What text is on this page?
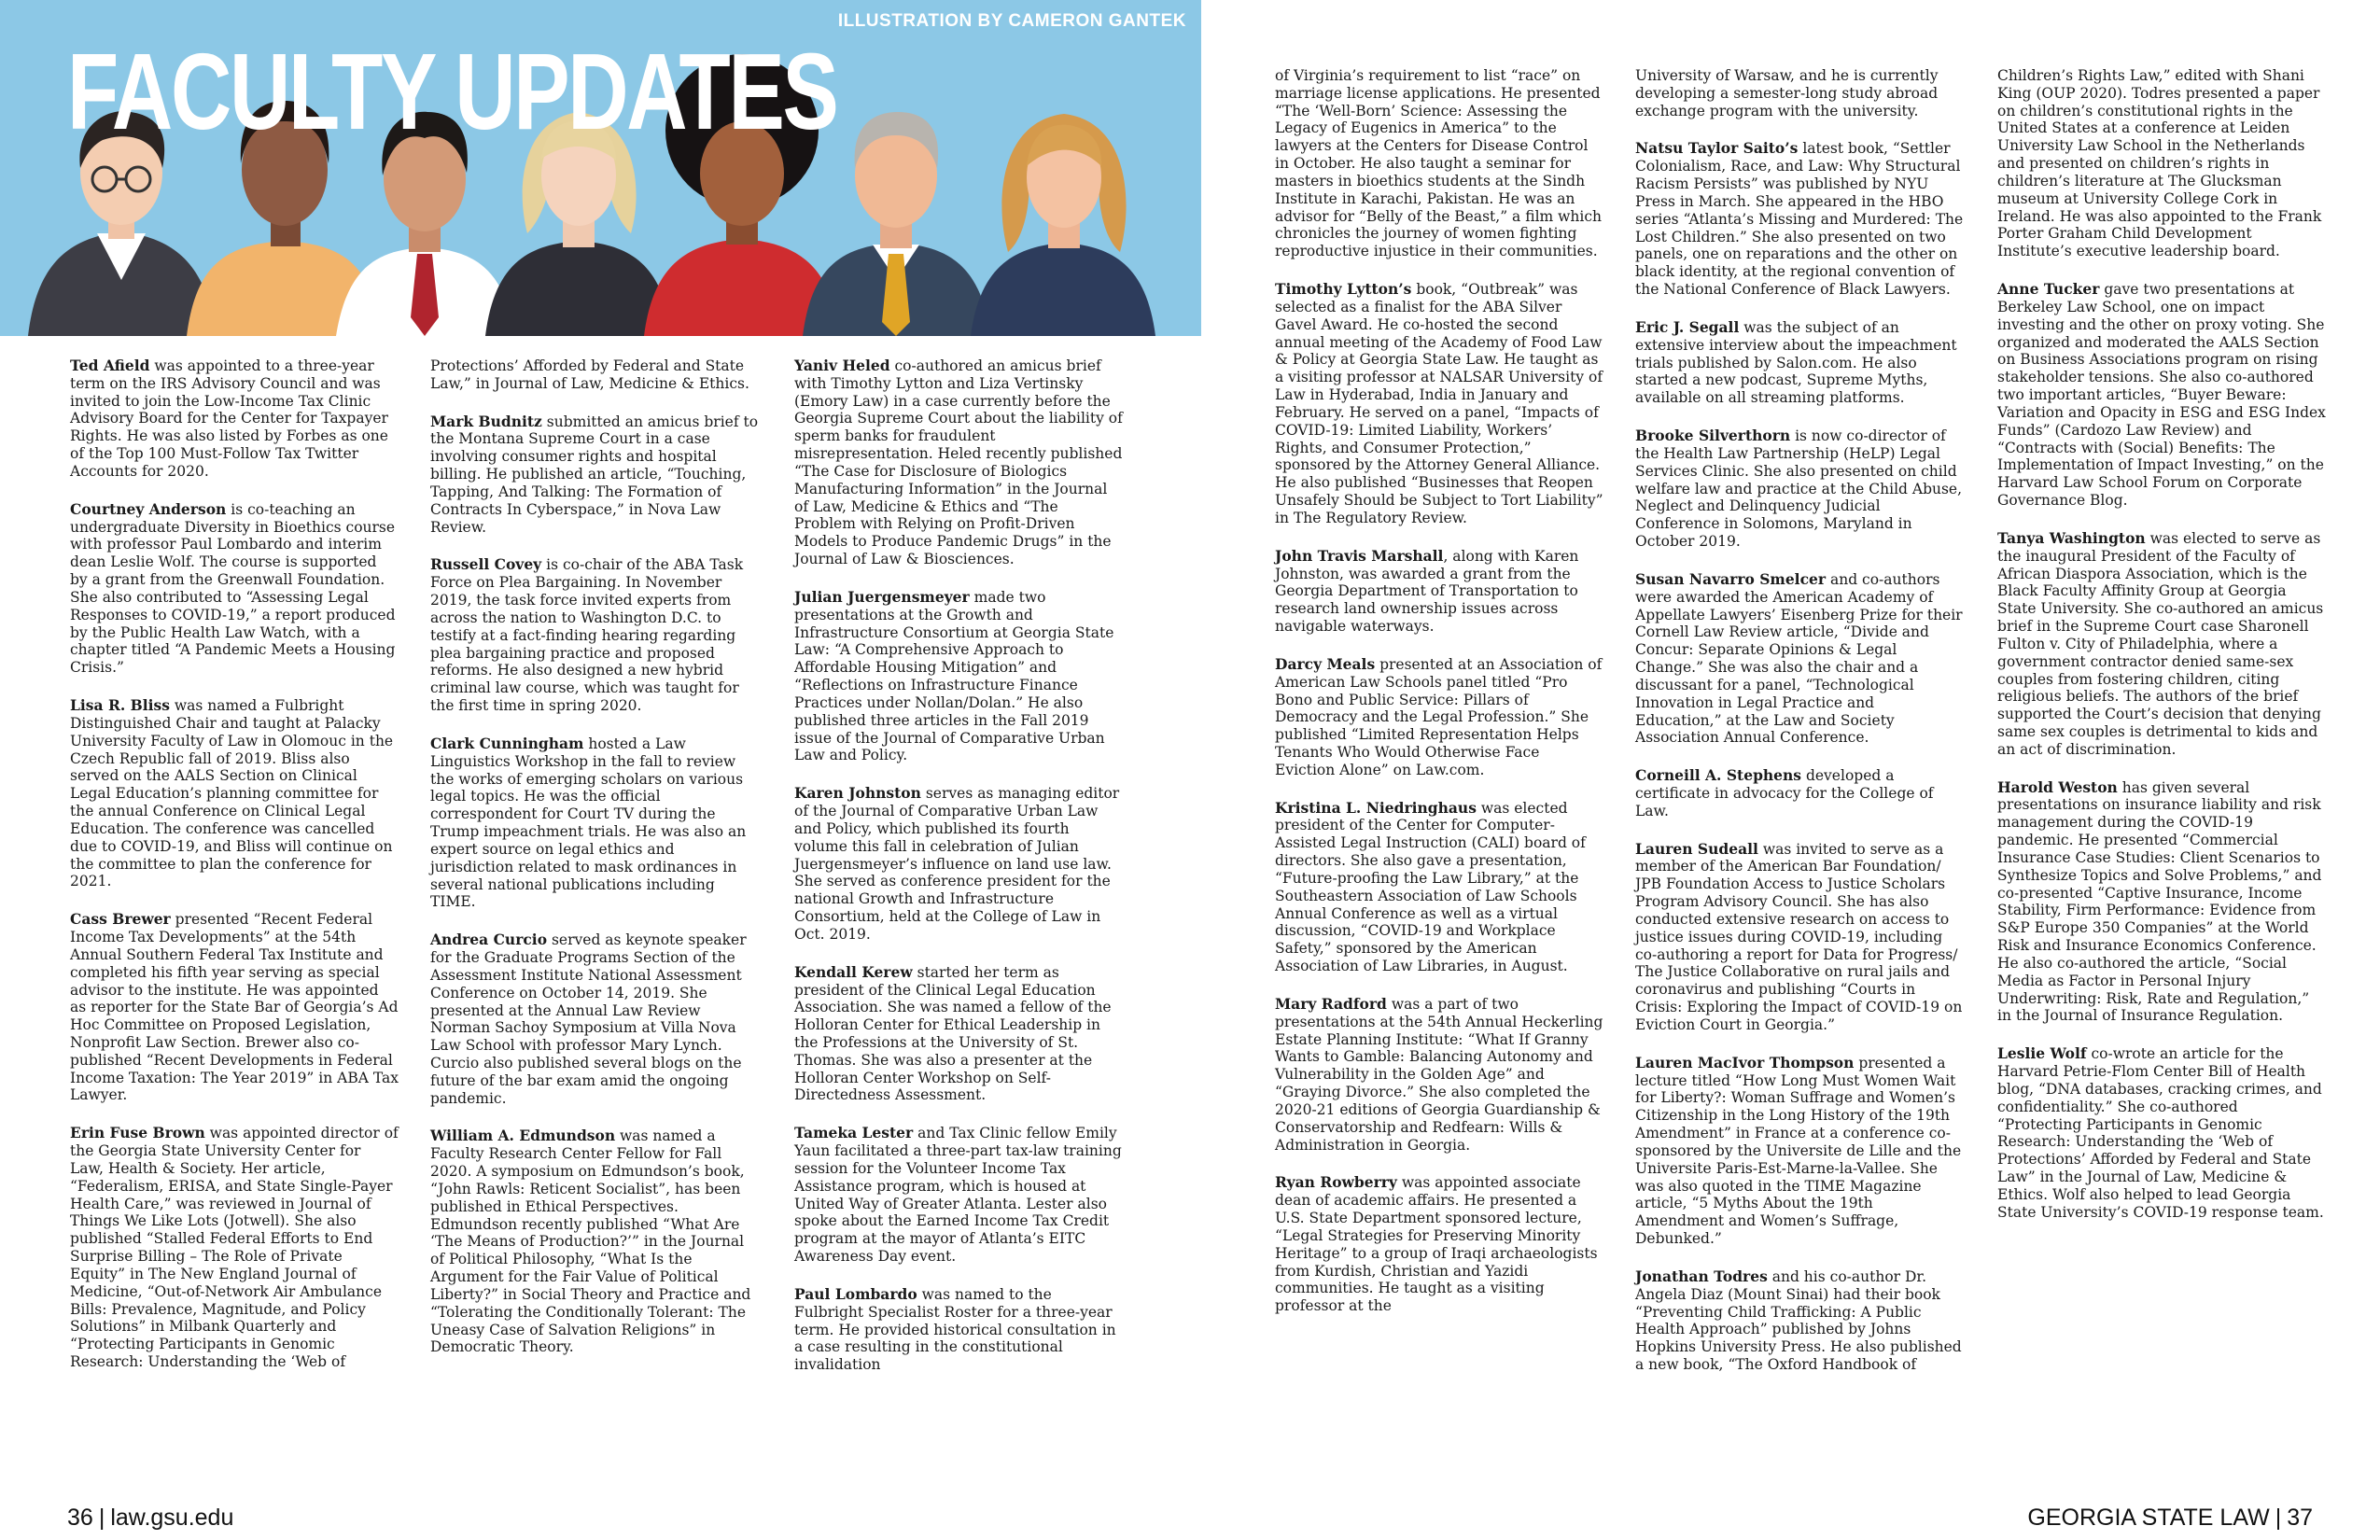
ILLUSTRATION BY CAMERON GANTEK
FACULTY UPDATES

Ted Afield was appointed to a three-year term on the IRS Advisory Council and was invited to join the Low-Income Tax Clinic Advisory Board for the Center for Taxpayer Rights. He was also listed by Forbes as one of the Top 100 Must-Follow Tax Twitter Accounts for 2020.

Courtney Anderson is co-teaching an undergraduate Diversity in Bioethics course with professor Paul Lombardo and interim dean Leslie Wolf. The course is supported by a grant from the Greenwall Foundation. She also contributed to “Assessing Legal Responses to COVID-19,” a report produced by the Public Health Law Watch, with a chapter titled “A Pandemic Meets a Housing Crisis.”

Lisa R. Bliss was named a Fulbright Distinguished Chair and taught at Palacky University Faculty of Law in Olomouc in the Czech Republic fall of 2019. Bliss also served on the AALS Section on Clinical Legal Education’s planning committee for the annual Conference on Clinical Legal Education. The conference was cancelled due to COVID-19, and Bliss will continue on the committee to plan the conference for 2021.

Cass Brewer presented “Recent Federal Income Tax Developments” at the 54th Annual Southern Federal Tax Institute and completed his fifth year serving as special advisor to the institute. He was appointed as reporter for the State Bar of Georgia’s Ad Hoc Committee on Proposed Legislation, Nonprofit Law Section. Brewer also co-published “Recent Developments in Federal Income Taxation: The Year 2019” in ABA Tax Lawyer.

Erin Fuse Brown was appointed director of the Georgia State University Center for Law, Health & Society. Her article, “Federalism, ERISA, and State Single-Payer Health Care,” was reviewed in Journal of Things We Like Lots (Jotwell). She also published “Stalled Federal Efforts to End Surprise Billing – The Role of Private Equity” in The New England Journal of Medicine, “Out-of-Network Air Ambulance Bills: Prevalence, Magnitude, and Policy Solutions” in Milbank Quarterly and “Protecting Participants in Genomic Research: Understanding the ‘Web of

Protections’ Afforded by Federal and State Law,” in Journal of Law, Medicine & Ethics.

Mark Budnitz submitted an amicus brief to the Montana Supreme Court in a case involving consumer rights and hospital billing. He published an article, “Touching, Tapping, And Talking: The Formation of Contracts In Cyberspace,” in Nova Law Review.

Russell Covey is co-chair of the ABA Task Force on Plea Bargaining. In November 2019, the task force invited experts from across the nation to Washington D.C. to testify at a fact-finding hearing regarding plea bargaining practice and proposed reforms. He also designed a new hybrid criminal law course, which was taught for the first time in spring 2020.

Clark Cunningham hosted a Law Linguistics Workshop in the fall to review the works of emerging scholars on various legal topics. He was the official correspondent for Court TV during the Trump impeachment trials. He was also an expert source on legal ethics and jurisdiction related to mask ordinances in several national publications including TIME.

Andrea Curcio served as keynote speaker for the Graduate Programs Section of the Assessment Institute National Assessment Conference on October 14, 2019. She presented at the Annual Law Review Norman Sachoy Symposium at Villa Nova Law School with professor Mary Lynch. Curcio also published several blogs on the future of the bar exam amid the ongoing pandemic.

William A. Edmundson was named a Faculty Research Center Fellow for Fall 2020. A symposium on Edmundson’s book, “John Rawls: Reticent Socialist”, has been published in Ethical Perspectives. Edmundson recently published “What Are ‘The Means of Production?’” in the Journal of Political Philosophy, “What Is the Argument for the Fair Value of Political Liberty?” in Social Theory and Practice and “Tolerating the Conditionally Tolerant: The Uneasy Case of Salvation Religions” in Democratic Theory.

Yaniv Heled co-authored an amicus brief with Timothy Lytton and Liza Vertinsky (Emory Law) in a case currently before the Georgia Supreme Court about the liability of sperm banks for fraudulent misrepresentation. Heled recently published “The Case for Disclosure of Biologics Manufacturing Information” in the Journal of Law, Medicine & Ethics and “The Problem with Relying on Profit-Driven Models to Produce Pandemic Drugs” in the Journal of Law & Biosciences.

Julian Juergensmeyer made two presentations at the Growth and Infrastructure Consortium at Georgia State Law: “A Comprehensive Approach to Affordable Housing Mitigation” and “Reflections on Infrastructure Finance Practices under Nollan/Dolan.” He also published three articles in the Fall 2019 issue of the Journal of Comparative Urban Law and Policy.

Karen Johnston serves as managing editor of the Journal of Comparative Urban Law and Policy, which published its fourth volume this fall in celebration of Julian Juergensmeyer’s influence on land use law. She served as conference president for the national Growth and Infrastructure Consortium, held at the College of Law in Oct. 2019.

Kendall Kerew started her term as president of the Clinical Legal Education Association. She was named a fellow of the Holloran Center for Ethical Leadership in the Professions at the University of St. Thomas. She was also a presenter at the Holloran Center Workshop on Self-Directedness Assessment.

Tameka Lester and Tax Clinic fellow Emily Yaun facilitated a three-part tax-law training session for the Volunteer Income Tax Assistance program, which is housed at United Way of Greater Atlanta. Lester also spoke about the Earned Income Tax Credit program at the mayor of Atlanta’s EITC Awareness Day event.

Paul Lombardo was named to the Fulbright Specialist Roster for a three-year term. He provided historical consultation in a case resulting in the constitutional invalidation

of Virginia’s requirement to list “race” on marriage license applications. He presented “The ‘Well-Born’ Science: Assessing the Legacy of Eugenics in America” to the lawyers at the Centers for Disease Control in October. He also taught a seminar for masters in bioethics students at the Sindh Institute in Karachi, Pakistan. He was an advisor for “Belly of the Beast,” a film which chronicles the journey of women fighting reproductive injustice in their communities.

Timothy Lytton’s book, “Outbreak” was selected as a finalist for the ABA Silver Gavel Award. He co-hosted the second annual meeting of the Academy of Food Law & Policy at Georgia State Law. He taught as a visiting professor at NALSAR University of Law in Hyderabad, India in January and February. He served on a panel, “Impacts of COVID-19: Limited Liability, Workers’ Rights, and Consumer Protection,” sponsored by the Attorney General Alliance. He also published “Businesses that Reopen Unsafely Should be Subject to Tort Liability” in The Regulatory Review.

John Travis Marshall, along with Karen Johnston, was awarded a grant from the Georgia Department of Transportation to research land ownership issues across navigable waterways.

Darcy Meals presented at an Association of American Law Schools panel titled “Pro Bono and Public Service: Pillars of Democracy and the Legal Profession.” She published “Limited Representation Helps Tenants Who Would Otherwise Face Eviction Alone” on Law.com.

Kristina L. Niedringhaus was elected president of the Center for Computer-Assisted Legal Instruction (CALI) board of directors. She also gave a presentation, “Future-proofing the Law Library,” at the Southeastern Association of Law Schools Annual Conference as well as a virtual discussion, “COVID-19 and Workplace Safety,” sponsored by the American Association of Law Libraries, in August.

Mary Radford was a part of two presentations at the 54th Annual Heckerling Estate Planning Institute: “What If Granny Wants to Gamble: Balancing Autonomy and Vulnerability in the Golden Age” and “Graying Divorce.” She also completed the 2020-21 editions of Georgia Guardianship & Conservatorship and Redfearn: Wills & Administration in Georgia.

Ryan Rowberry was appointed associate dean of academic affairs. He presented a U.S. State Department sponsored lecture, “Legal Strategies for Preserving Minority Heritage” to a group of Iraqi archaeologists from Kurdish, Christian and Yazidi communities. He taught as a visiting professor at the

University of Warsaw, and he is currently developing a semester-long study abroad exchange program with the university.

Natsu Taylor Saito’s latest book, “Settler Colonialism, Race, and Law: Why Structural Racism Persists” was published by NYU Press in March. She appeared in the HBO series “Atlanta’s Missing and Murdered: The Lost Children.” She also presented on two panels, one on reparations and the other on black identity, at the regional convention of the National Conference of Black Lawyers.

Eric J. Segall was the subject of an extensive interview about the impeachment trials published by Salon.com. He also started a new podcast, Supreme Myths, available on all streaming platforms.

Brooke Silverthorn is now co-director of the Health Law Partnership (HeLP) Legal Services Clinic. She also presented on child welfare law and practice at the Child Abuse, Neglect and Delinquency Judicial Conference in Solomons, Maryland in October 2019.

Susan Navarro Smelcer and co-authors were awarded the American Academy of Appellate Lawyers’ Eisenberg Prize for their Cornell Law Review article, “Divide and Concur: Separate Opinions & Legal Change.” She was also the chair and a discussant for a panel, “Technological Innovation in Legal Practice and Education,” at the Law and Society Association Annual Conference.

Corneill A. Stephens developed a certificate in advocacy for the College of Law.

Lauren Sudeall was invited to serve as a member of the American Bar Foundation/ JPB Foundation Access to Justice Scholars Program Advisory Council. She has also conducted extensive research on access to justice issues during COVID-19, including co-authoring a report for Data for Progress/ The Justice Collaborative on rural jails and coronavirus and publishing “Courts in Crisis: Exploring the Impact of COVID-19 on Eviction Court in Georgia.”

Lauren MacIvor Thompson presented a lecture titled “How Long Must Women Wait for Liberty?: Woman Suffrage and Women’s Citizenship in the Long History of the 19th Amendment” in France at a conference co-sponsored by the Universite de Lille and the Universite Paris-Est-Marne-la-Vallee. She was also quoted in the TIME Magazine article, “5 Myths About the 19th Amendment and Women’s Suffrage, Debunked.”

Jonathan Todres and his co-author Dr. Angela Diaz (Mount Sinai) had their book “Preventing Child Trafficking: A Public Health Approach” published by Johns Hopkins University Press. He also published a new book, “The Oxford Handbook of

Children’s Rights Law,” edited with Shani King (OUP 2020). Todres presented a paper on children’s constitutional rights in the United States at a conference at Leiden University Law School in the Netherlands and presented on children’s rights in children’s literature at The Glucksman museum at University College Cork in Ireland. He was also appointed to the Frank Porter Graham Child Development Institute’s executive leadership board.

Anne Tucker gave two presentations at Berkeley Law School, one on impact investing and the other on proxy voting. She organized and moderated the AALS Section on Business Associations program on rising stakeholder tensions. She also co-authored two important articles, “Buyer Beware: Variation and Opacity in ESG and ESG Index Funds” (Cardozo Law Review) and “Contracts with (Social) Benefits: The Implementation of Impact Investing,” on the Harvard Law School Forum on Corporate Governance Blog.

Tanya Washington was elected to serve as the inaugural President of the Faculty of African Diaspora Association, which is the Black Faculty Affinity Group at Georgia State University. She co-authored an amicus brief in the Supreme Court case Sharonell Fulton v. City of Philadelphia, where a government contractor denied same-sex couples from fostering children, citing religious beliefs. The authors of the brief supported the Court’s decision that denying same sex couples is detrimental to kids and an act of discrimination.

Harold Weston has given several presentations on insurance liability and risk management during the COVID-19 pandemic. He presented “Commercial Insurance Case Studies: Client Scenarios to Synthesize Topics and Solve Problems,” and co-presented “Captive Insurance, Income Stability, Firm Performance: Evidence from S&P Europe 350 Companies” at the World Risk and Insurance Economics Conference. He also co-authored the article, “Social Media as Factor in Personal Injury Underwriting: Risk, Rate and Regulation,” in the Journal of Insurance Regulation.

Leslie Wolf co-wrote an article for the Harvard Petrie-Flom Center Bill of Health blog, “DNA databases, cracking crimes, and confidentiality.” She co-authored “Protecting Participants in Genomic Research: Understanding the ‘Web of Protections’ Afforded by Federal and State Law” in the Journal of Law, Medicine & Ethics. Wolf also helped to lead Georgia State University’s COVID-19 response team.

36 | law.gsu.edu	GEORGIA STATE LAW | 37
